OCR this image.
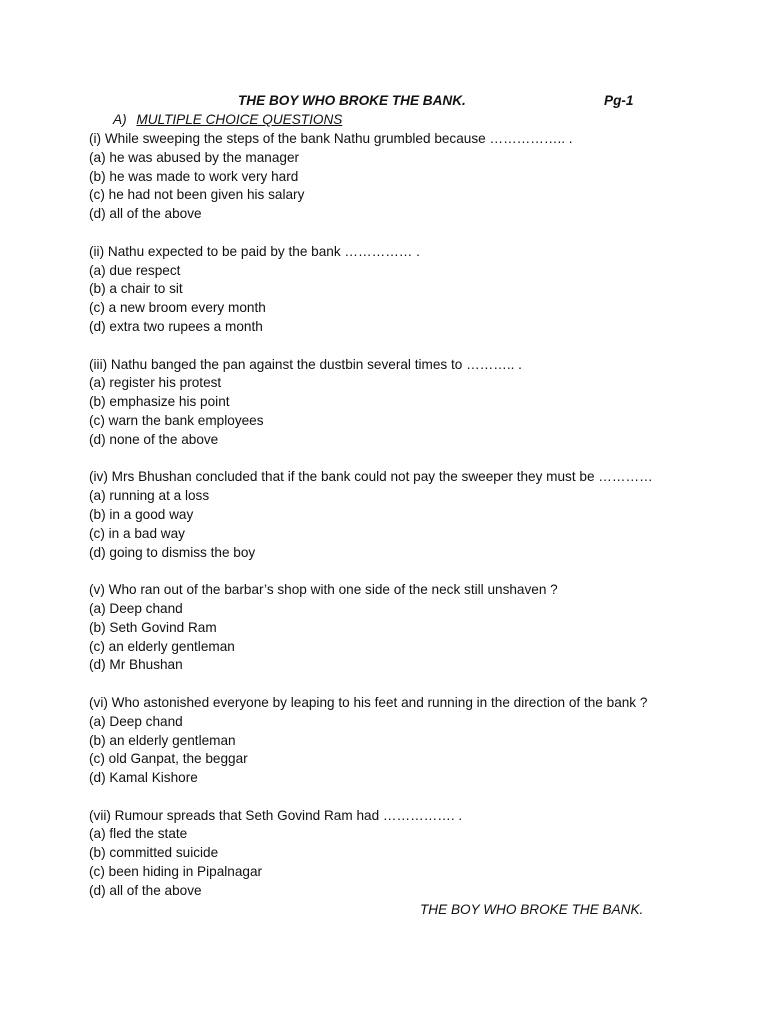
THE BOY WHO BROKE THE BANK.	Pg-1
A) MULTIPLE CHOICE QUESTIONS
(i) While sweeping the steps of the bank Nathu grumbled because …………….. .
(a) he was abused by the manager
(b) he was made to work very hard
(c) he had not been given his salary
(d) all of the above
(ii) Nathu expected to be paid by the bank …………… .
(a) due respect
(b) a chair to sit
(c) a new broom every month
(d) extra two rupees a month
(iii) Nathu banged the pan against the dustbin several times to ……….. .
(a) register his protest
(b) emphasize his point
(c) warn the bank employees
(d) none of the above
(iv) Mrs Bhushan concluded that if the bank could not pay the sweeper they must be …………
(a) running at a loss
(b) in a good way
(c) in a bad way
(d) going to dismiss the boy
(v) Who ran out of the barbar’s shop with one side of the neck still unshaven ?
(a) Deep chand
(b) Seth Govind Ram
(c) an elderly gentleman
(d) Mr Bhushan
(vi) Who astonished everyone by leaping to his feet and running in the direction of the bank ?
(a) Deep chand
(b) an elderly gentleman
(c) old Ganpat, the beggar
(d) Kamal Kishore
(vii) Rumour spreads that Seth Govind Ram had ……………. .
(a) fled the state
(b) committed suicide
(c) been hiding in Pipalnagar
(d) all of the above
THE BOY WHO BROKE THE BANK.
